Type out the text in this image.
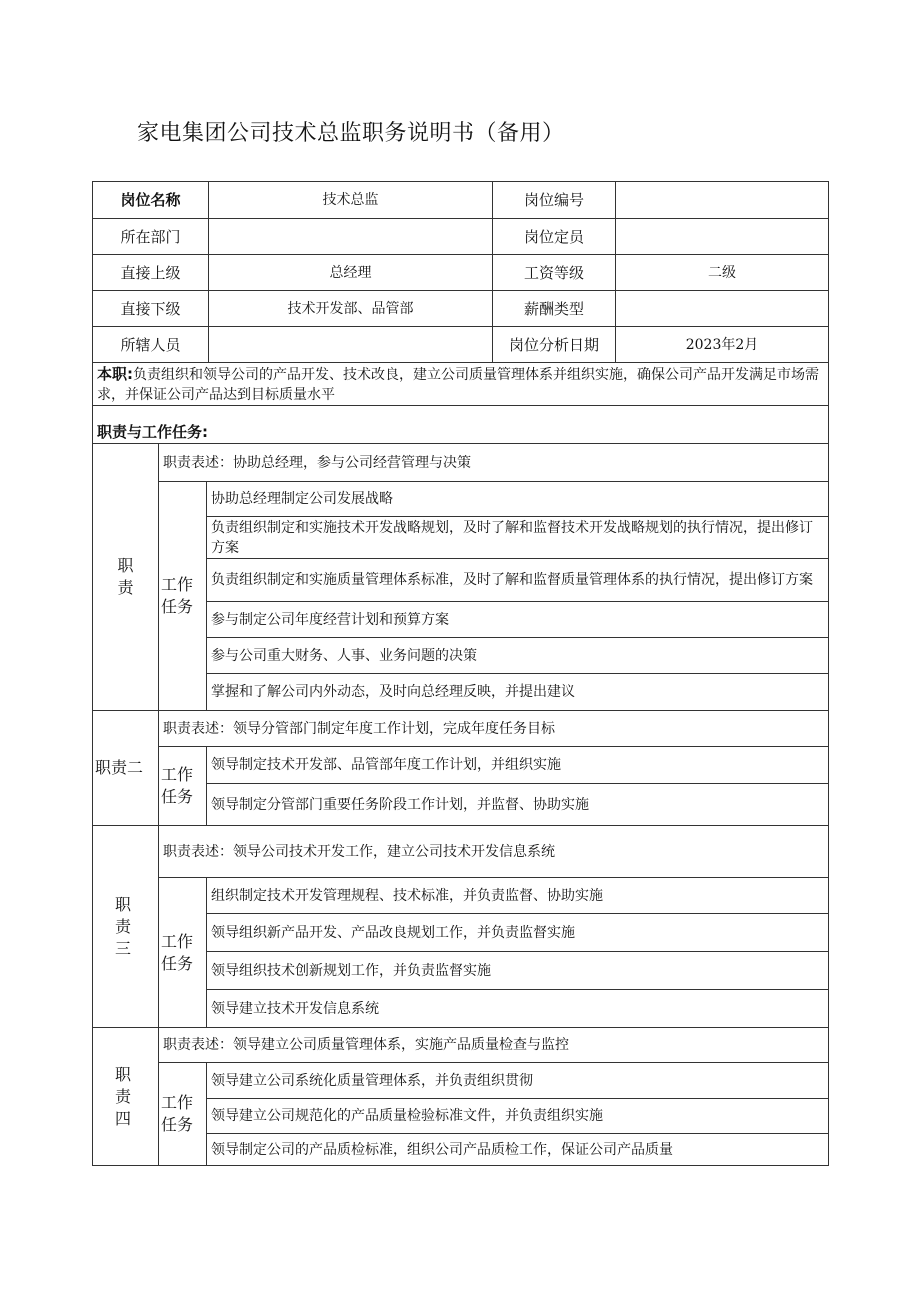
家电集团公司技术总监职务说明书（备用）
岗位名称	技术总监	岗位编号	
所在部门		岗位定员	
直接上级	总经理	工资等级	二级
直接下级	技术开发部、品管部	薪酬类型	
所辖人员		岗位分析日期	2023年2月
本职:负责组织和领导公司的产品开发、技术改良，建立公司质量管理体系并组织实施，确保公司产品开发满足市场需求，并保证公司产品达到目标质量水平			
职责与工作任务:			
职责	职责表述：协助总经理，参与公司经营管理与决策	
	工作任务	协助总经理制定公司发展战略
		负责组织制定和实施技术开发战略规划，及时了解和监督技术开发战略规划的执行情况，提出修订方案
		负责组织制定和实施质量管理体系标准，及时了解和监督质量管理体系的执行情况，提出修订方案
		参与制定公司年度经营计划和预算方案
		参与公司重大财务、人事、业务问题的决策
		掌握和了解公司内外动态，及时向总经理反映，并提出建议
职责二	职责表述：领导分管部门制定年度工作计划，完成年度任务目标	
	工作任务	领导制定技术开发部、品管部年度工作计划，并组织实施
		领导制定分管部门重要任务阶段工作计划，并监督、协助实施
职责三	职责表述：领导公司技术开发工作，建立公司技术开发信息系统	
	工作任务	组织制定技术开发管理规程、技术标准，并负责监督、协助实施
		领导组织新产品开发、产品改良规划工作，并负责监督实施
		领导组织技术创新规划工作，并负责监督实施
		领导建立技术开发信息系统
职责四	职责表述：领导建立公司质量管理体系，实施产品质量检查与监控	
	工作任务	领导建立公司系统化质量管理体系，并负责组织贯彻
		领导建立公司规范化的产品质量检验标准文件，并负责组织实施
		领导制定公司的产品质检标准，组织公司产品质检工作，保证公司产品质量
